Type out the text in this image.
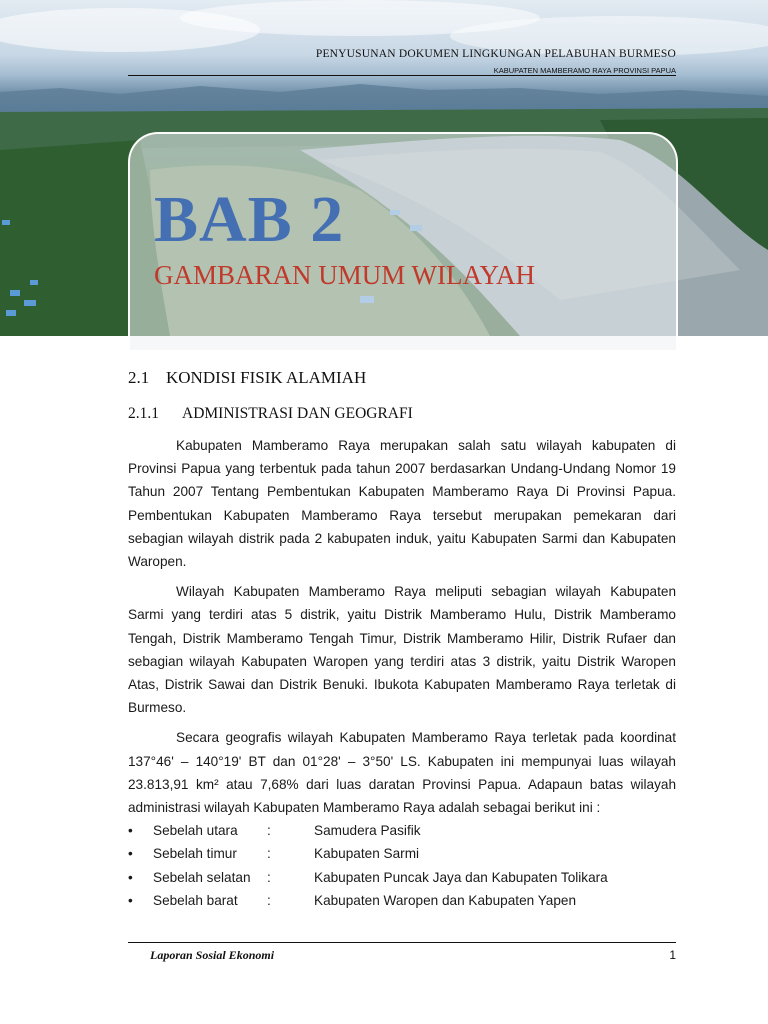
PENYUSUNAN DOKUMEN LINGKUNGAN PELABUHAN BURMESO
KABUPATEN MAMBERAMO RAYA PROVINSI PAPUA
BAB 2
GAMBARAN UMUM WILAYAH
2.1 KONDISI FISIK ALAMIAH
2.1.1 ADMINISTRASI DAN GEOGRAFI

Kabupaten Mamberamo Raya merupakan salah satu wilayah kabupaten di Provinsi Papua yang terbentuk pada tahun 2007 berdasarkan Undang-Undang Nomor 19 Tahun 2007 Tentang Pembentukan Kabupaten Mamberamo Raya Di Provinsi Papua. Pembentukan Kabupaten Mamberamo Raya tersebut merupakan pemekaran dari sebagian wilayah distrik pada 2 kabupaten induk, yaitu Kabupaten Sarmi dan Kabupaten Waropen.

Wilayah Kabupaten Mamberamo Raya meliputi sebagian wilayah Kabupaten Sarmi yang terdiri atas 5 distrik, yaitu Distrik Mamberamo Hulu, Distrik Mamberamo Tengah, Distrik Mamberamo Tengah Timur, Distrik Mamberamo Hilir, Distrik Rufaer dan sebagian wilayah Kabupaten Waropen yang terdiri atas 3 distrik, yaitu Distrik Waropen Atas, Distrik Sawai dan Distrik Benuki. Ibukota Kabupaten Mamberamo Raya terletak di Burmeso.

Secara geografis wilayah Kabupaten Mamberamo Raya terletak pada koordinat 137°46' – 140°19' BT dan 01°28' – 3°50' LS. Kabupaten ini mempunyai luas wilayah 23.813,91 km² atau 7,68% dari luas daratan Provinsi Papua. Adapaun batas wilayah administrasi wilayah Kabupaten Mamberamo Raya adalah sebagai berikut ini :

• Sebelah utara :	Samudera Pasifik
• Sebelah timur :	Kabupaten Sarmi
• Sebelah selatan :	Kabupaten Puncak Jaya dan Kabupaten Tolikara
• Sebelah barat :	Kabupaten Waropen dan Kabupaten Yapen
Laporan Sosial Ekonomi	1
